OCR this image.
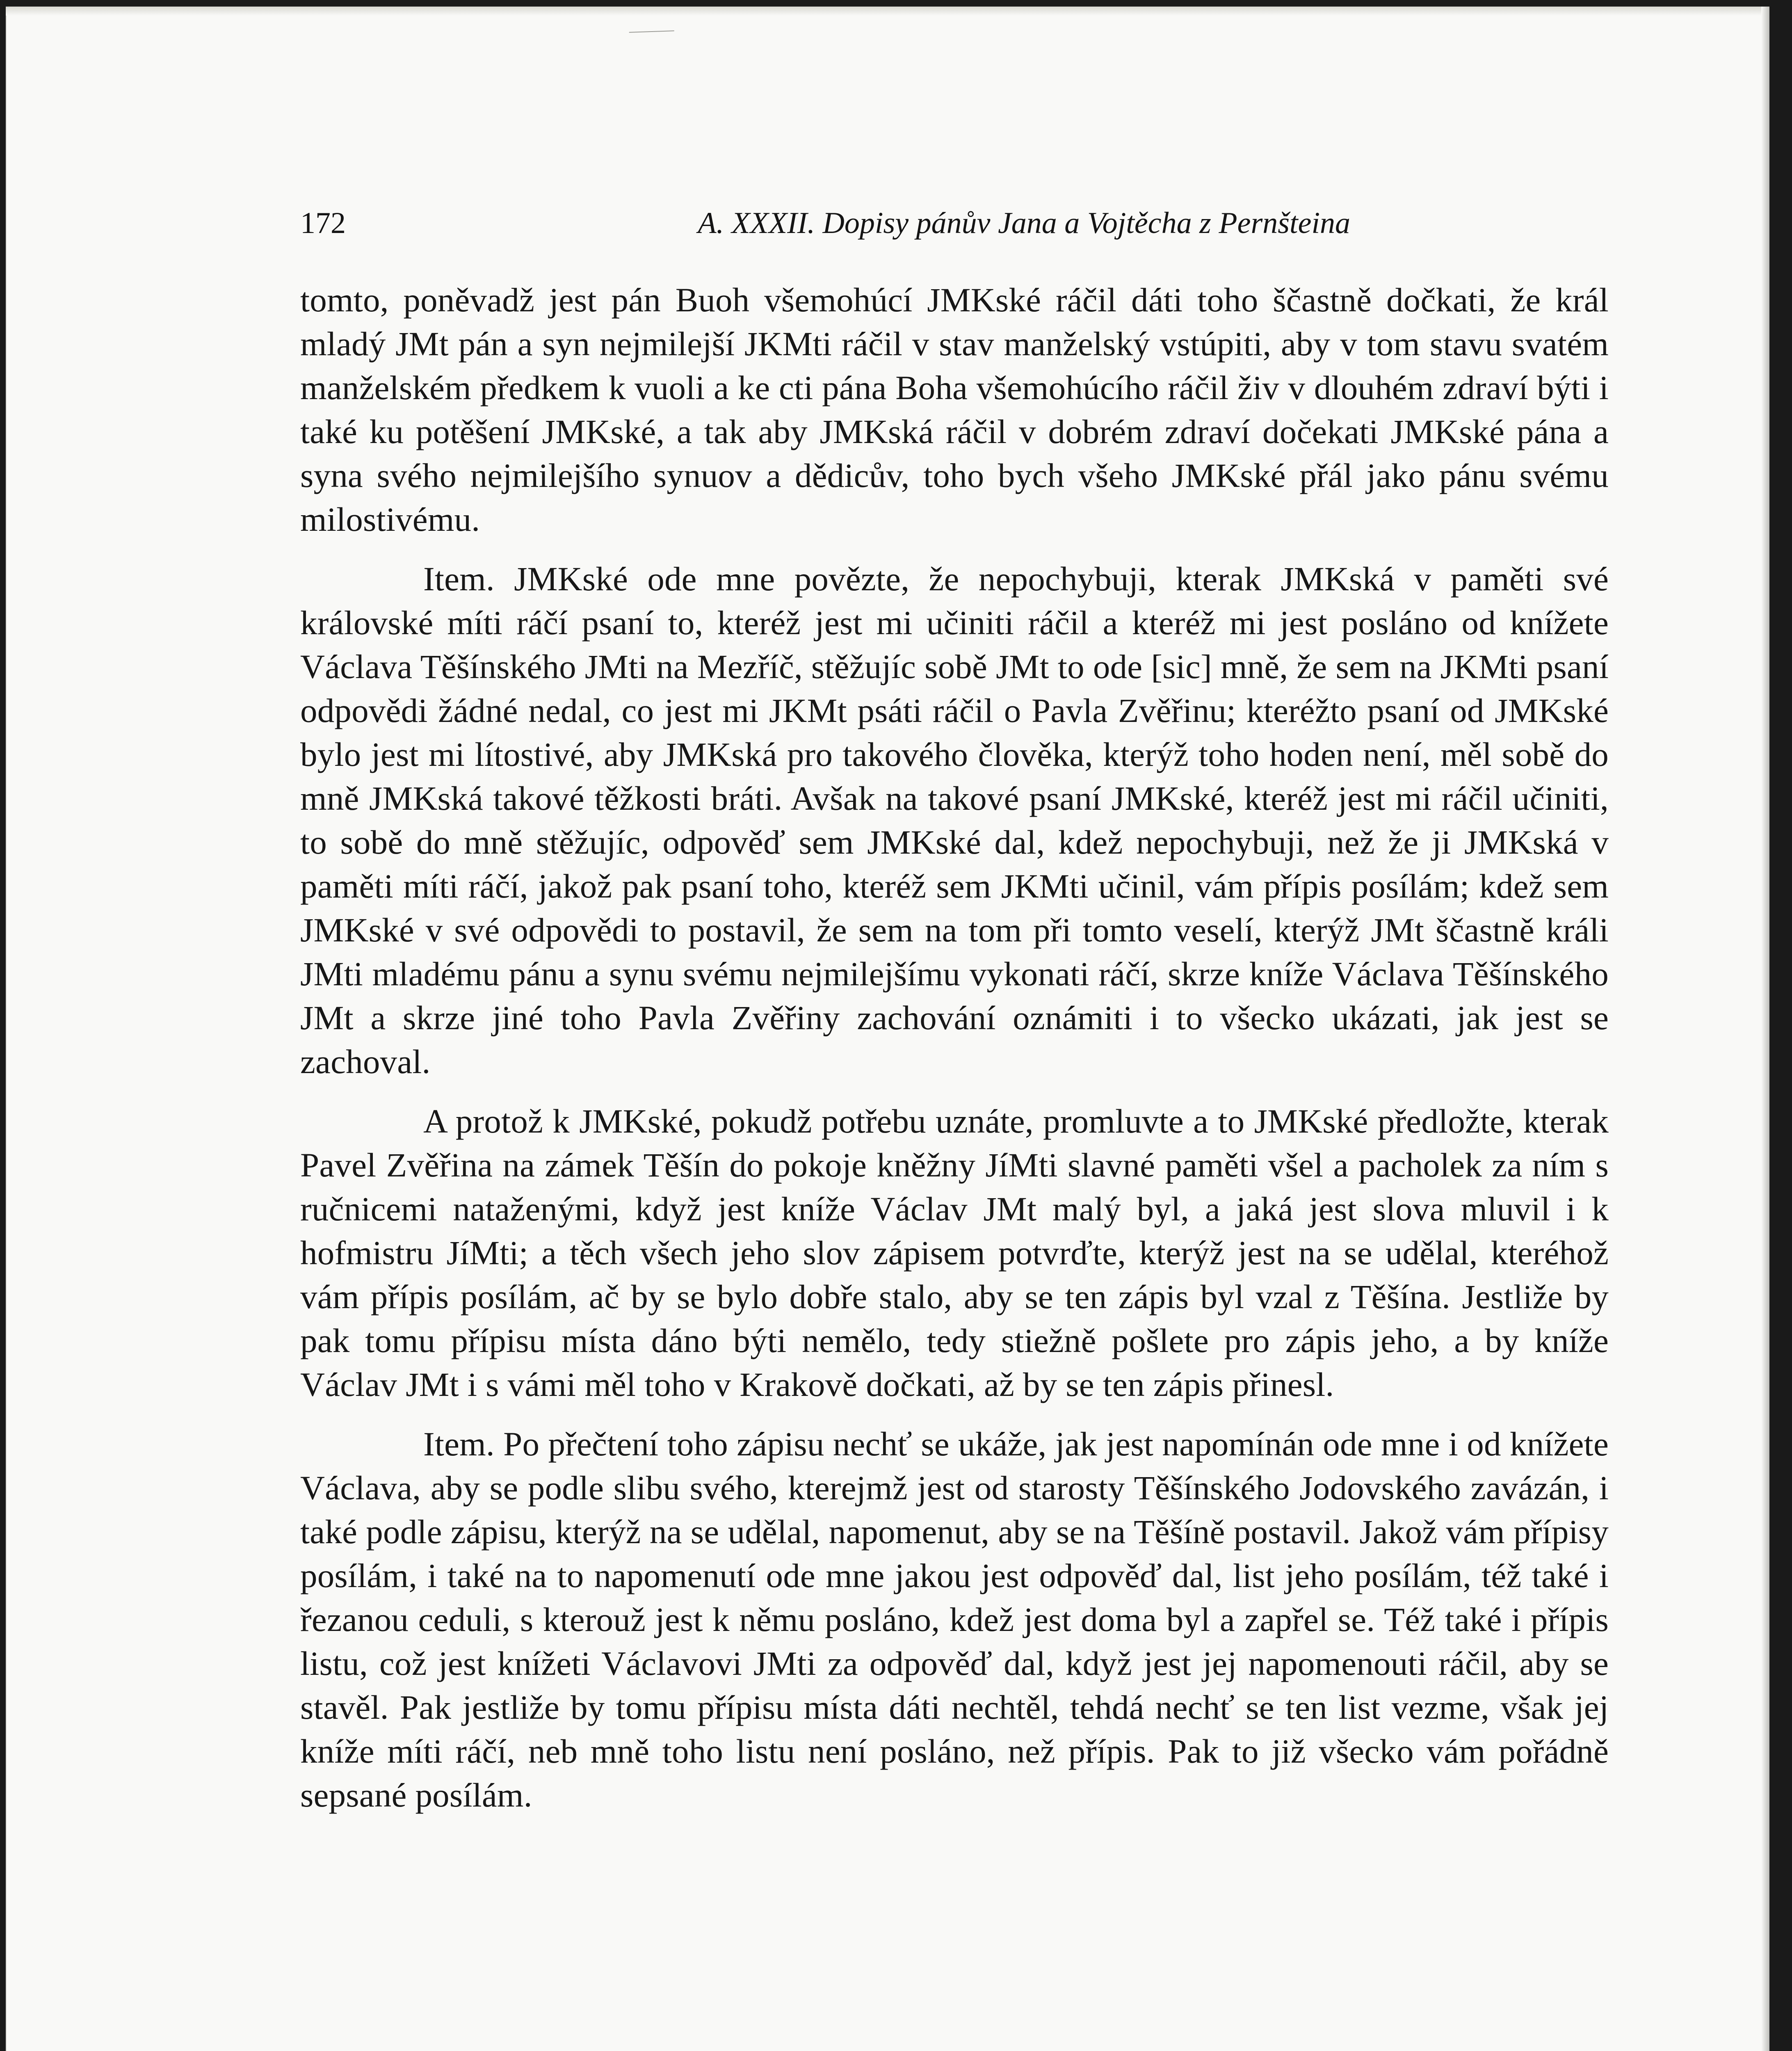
172	A. XXXII. Dopisy pánův Jana a Vojtěcha z Pernšteina

tomto, poněvadž jest pán Buoh všemohúcí JMKské ráčil dáti toho ščastně dočkati, že král mladý JMt pán a syn nejmilejší JKMti ráčil v stav manželský vstúpiti, aby v tom stavu svatém manželském předkem k vuoli a ke cti pána Boha všemohúcího ráčil živ v dlouhém zdraví býti i také ku potěšení JMKské, a tak aby JMKská ráčil v dobrém zdraví dočekati JMKské pána a syna svého nejmilejšího synuov a dědicův, toho bych všeho JMKské přál jako pánu svému milostivému.

Item. JMKské ode mne povězte, že nepochybuji, kterak JMKská v paměti své královské míti ráčí psaní to, kteréž jest mi učiniti ráčil a kteréž mi jest posláno od knížete Václava Těšínského JMti na Mezříč, stěžujíc sobě JMt to ode [sic] mně, že sem na JKMti psaní odpovědi žádné nedal, co jest mi JKMt psáti ráčil o Pavla Zvěřinu; kteréžto psaní od JMKské bylo jest mi lítostivé, aby JMKská pro takového člověka, kterýž toho hoden není, měl sobě do mně JMKská takové těžkosti bráti. Avšak na takové psaní JMKské, kteréž jest mi ráčil učiniti, to sobě do mně stěžujíc, odpověď sem JMKské dal, kdež nepochybuji, než že ji JMKská v paměti míti ráčí, jakož pak psaní toho, kteréž sem JKMti učinil, vám přípis posílám; kdež sem JMKské v své odpovědi to postavil, že sem na tom při tomto veselí, kterýž JMt ščastně králi JMti mladému pánu a synu svému nejmilejšímu vykonati ráčí, skrze kníže Václava Těšínského JMt a skrze jiné toho Pavla Zvěřiny zachování oznámiti i to všecko ukázati, jak jest se zachoval.

A protož k JMKské, pokudž potřebu uznáte, promluvte a to JMKské předložte, kterak Pavel Zvěřina na zámek Těšín do pokoje kněžny JíMti slavné paměti všel a pacholek za ním s ručnicemi nataženými, když jest kníže Václav JMt malý byl, a jaká jest slova mluvil i k hofmistru JíMti; a těch všech jeho slov zápisem potvrďte, kterýž jest na se udělal, kteréhož vám přípis posílám, ač by se bylo dobře stalo, aby se ten zápis byl vzal z Těšína. Jestliže by pak tomu přípisu místa dáno býti nemělo, tedy stiežně pošlete pro zápis jeho, a by kníže Václav JMt i s vámi měl toho v Krakově dočkati, až by se ten zápis přinesl.

Item. Po přečtení toho zápisu nechť se ukáže, jak jest napomínán ode mne i od knížete Václava, aby se podle slibu svého, kterejmž jest od starosty Těšínského Jodovského zavázán, i také podle zápisu, kterýž na se udělal, napomenut, aby se na Těšíně postavil. Jakož vám přípisy posílám, i také na to napomenutí ode mne jakou jest odpověď dal, list jeho posílám, též také i řezanou ceduli, s kterouž jest k němu posláno, kdež jest doma byl a zapřel se. Též také i přípis listu, což jest knížeti Václavovi JMti za odpověď dal, když jest jej napomenouti ráčil, aby se stavěl. Pak jestliže by tomu přípisu místa dáti nechtěl, tehdá nechť se ten list vezme, však jej kníže míti ráčí, neb mně toho listu není posláno, než přípis. Pak to již všecko vám pořádně sepsané posílám.
